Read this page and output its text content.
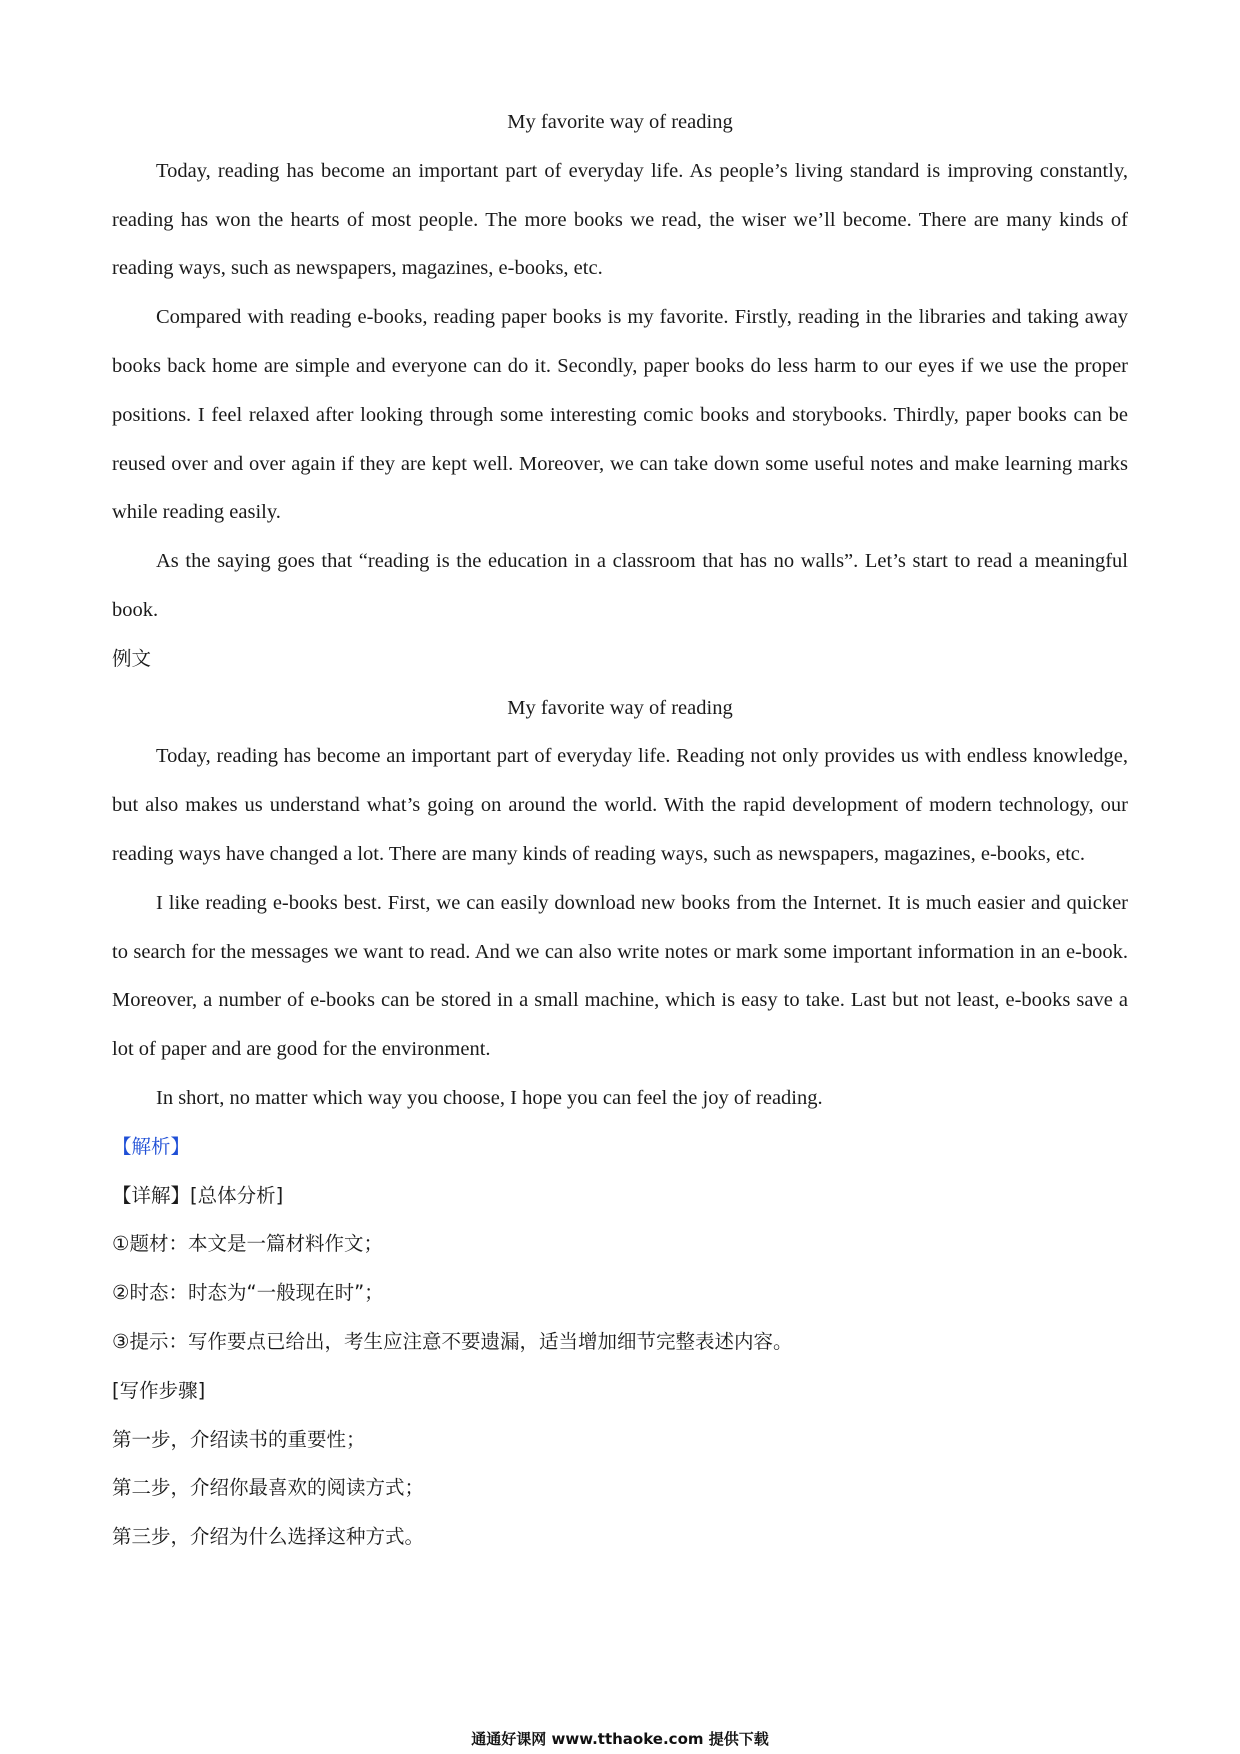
My favorite way of reading

Today, reading has become an important part of everyday life. As people’s living standard is improving constantly, reading has won the hearts of most people. The more books we read, the wiser we’ll become. There are many kinds of reading ways, such as newspapers, magazines, e-books, etc.

Compared with reading e-books, reading paper books is my favorite. Firstly, reading in the libraries and taking away books back home are simple and everyone can do it. Secondly, paper books do less harm to our eyes if we use the proper positions. I feel relaxed after looking through some interesting comic books and storybooks. Thirdly, paper books can be reused over and over again if they are kept well. Moreover, we can take down some useful notes and make learning marks while reading easily.

As the saying goes that “reading is the education in a classroom that has no walls”. Let’s start to read a meaningful book.

例文

My favorite way of reading

Today, reading has become an important part of everyday life. Reading not only provides us with endless knowledge, but also makes us understand what’s going on around the world. With the rapid development of modern technology, our reading ways have changed a lot. There are many kinds of reading ways, such as newspapers, magazines, e-books, etc.

I like reading e-books best. First, we can easily download new books from the Internet. It is much easier and quicker to search for the messages we want to read. And we can also write notes or mark some important information in an e-book. Moreover, a number of e-books can be stored in a small machine, which is easy to take. Last but not least, e-books save a lot of paper and are good for the environment.

In short, no matter which way you choose, I hope you can feel the joy of reading.

【解析】

【详解】[总体分析]

①题材：本文是一篇材料作文；

②时态：时态为“一般现在时”；

③提示：写作要点已给出，考生应注意不要遗漏，适当增加细节完整表述内容。

[写作步骤]

第一步，介绍读书的重要性；

第二步，介绍你最喜欢的阅读方式；

第三步，介绍为什么选择这种方式。

通通好课网 www.tthaoke.com 提供下载
